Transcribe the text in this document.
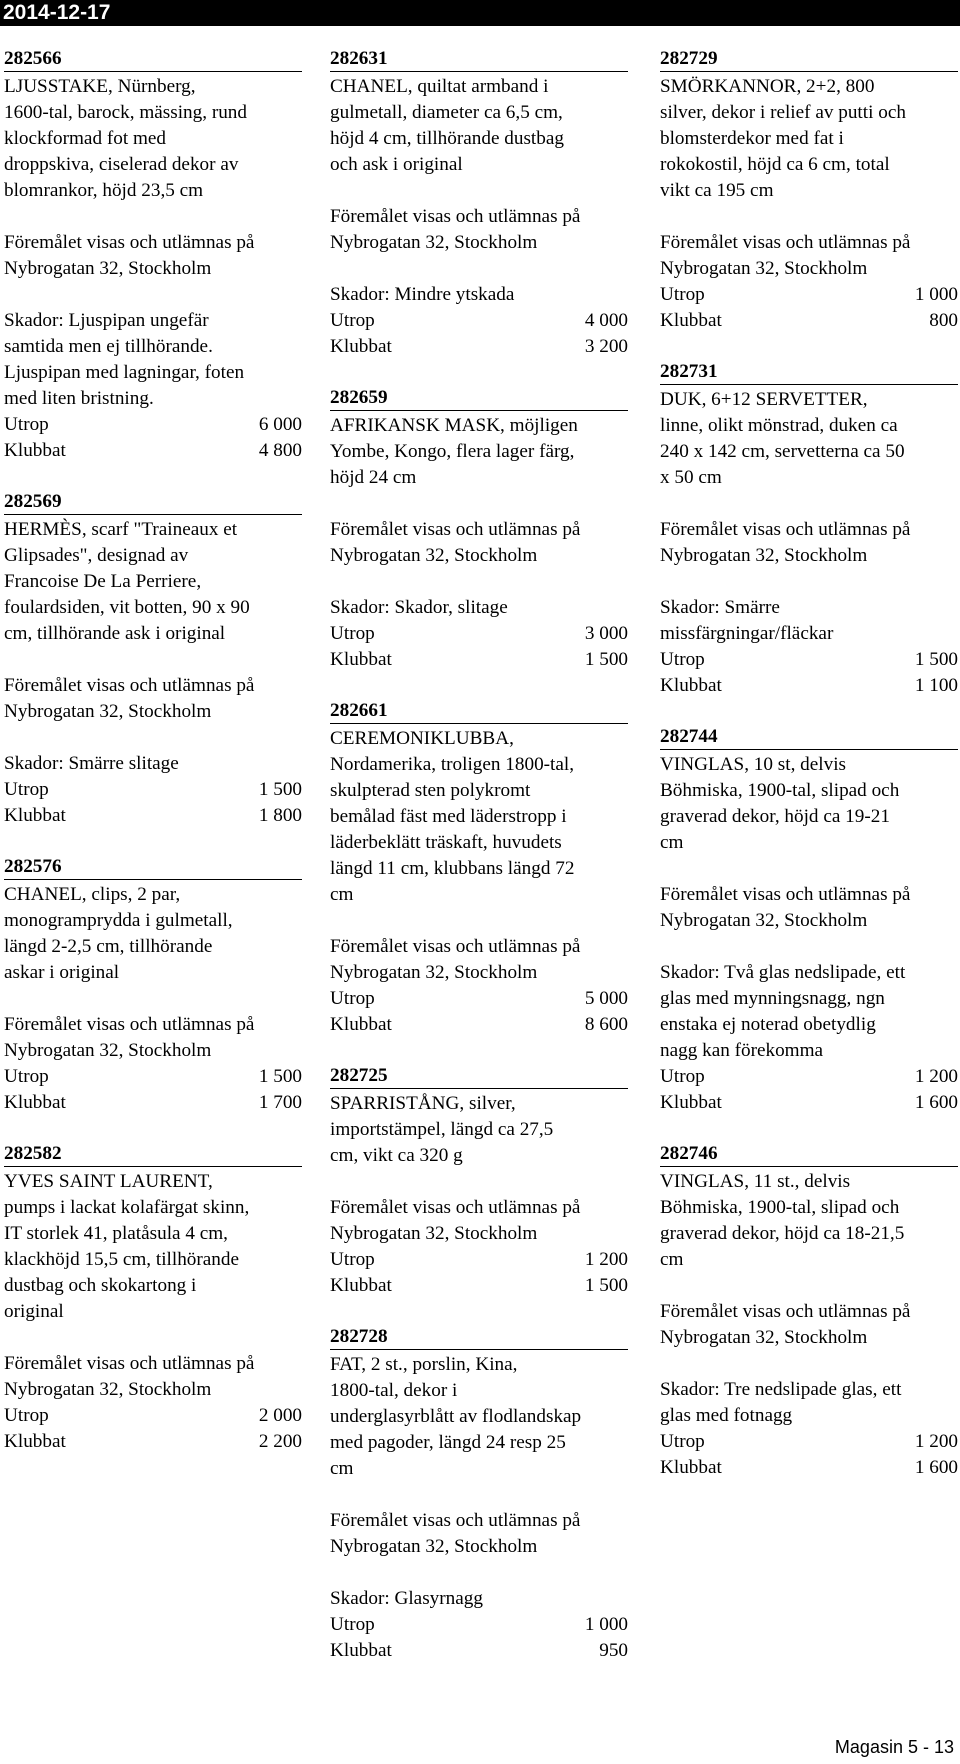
2014-12-17
282566
LJUSSTAKE, Nürnberg,
1600-tal, barock, mässing, rund
klockformad fot med
droppskiva, ciselerad dekor av
blomrankor, höjd 23,5 cm
Föremålet visas och utlämnas på
Nybrogatan 32, Stockholm
Skador: Ljuspipan ungefär
samtida men ej tillhörande.
Ljuspipan med lagningar, foten
med liten bristning.
Utrop	6 000
Klubbat	4 800
282569
HERMÈS, scarf "Traineaux et
Glipsades", designad av
Francoise De La Perriere,
foulardsiden, vit botten, 90 x 90
cm, tillhörande ask i original
Föremålet visas och utlämnas på
Nybrogatan 32, Stockholm
Skador: Smärre slitage
Utrop	1 500
Klubbat	1 800
282576
CHANEL, clips, 2 par,
monogramprydda i gulmetall,
längd 2-2,5 cm, tillhörande
askar i original
Föremålet visas och utlämnas på
Nybrogatan 32, Stockholm
Utrop	1 500
Klubbat	1 700
282582
YVES SAINT LAURENT,
pumps i lackat kolafärgat skinn,
IT storlek 41, platåsula 4 cm,
klackhöjd 15,5 cm, tillhörande
dustbag och skokartong i
original
Föremålet visas och utlämnas på
Nybrogatan 32, Stockholm
Utrop	2 000
Klubbat	2 200
282631
CHANEL, quiltat armband i
gulmetall, diameter ca 6,5 cm,
höjd 4 cm, tillhörande dustbag
och ask i original
Föremålet visas och utlämnas på
Nybrogatan 32, Stockholm
Skador: Mindre ytskada
Utrop	4 000
Klubbat	3 200
282659
AFRIKANSK MASK, möjligen
Yombe, Kongo, flera lager färg,
höjd 24 cm
Föremålet visas och utlämnas på
Nybrogatan 32, Stockholm
Skador: Skador, slitage
Utrop	3 000
Klubbat	1 500
282661
CEREMONIKLUBBA,
Nordamerika, troligen 1800-tal,
skulpterad sten polykromt
bemålad fäst med läderstropp i
läderbeklätt träskaft, huvudets
längd 11 cm, klubbans längd 72
cm
Föremålet visas och utlämnas på
Nybrogatan 32, Stockholm
Utrop	5 000
Klubbat	8 600
282725
SPARRISTÅNG, silver,
importstämpel, längd ca 27,5
cm, vikt ca 320 g
Föremålet visas och utlämnas på
Nybrogatan 32, Stockholm
Utrop	1 200
Klubbat	1 500
282728
FAT, 2 st., porslin, Kina,
1800-tal, dekor i
underglasyrblått av flodlandskap
med pagoder, längd 24 resp 25
cm
Föremålet visas och utlämnas på
Nybrogatan 32, Stockholm
Skador: Glasyrnagg
Utrop	1 000
Klubbat	950
282729
SMÖRKANNOR, 2+2, 800
silver, dekor i relief av putti och
blomsterdekor med fat i
rokokostil, höjd ca 6 cm, total
vikt ca 195 cm
Föremålet visas och utlämnas på
Nybrogatan 32, Stockholm
Utrop	1 000
Klubbat	800
282731
DUK, 6+12 SERVETTER,
linne, olikt mönstrad, duken ca
240 x 142 cm, servetterna ca 50
x 50 cm
Föremålet visas och utlämnas på
Nybrogatan 32, Stockholm
Skador: Smärre
missfärgningar/fläckar
Utrop	1 500
Klubbat	1 100
282744
VINGLAS, 10 st, delvis
Böhmiska, 1900-tal, slipad och
graverad dekor, höjd ca 19-21
cm
Föremålet visas och utlämnas på
Nybrogatan 32, Stockholm
Skador: Två glas nedslipade, ett
glas med mynningsnagg, ngn
enstaka ej noterad obetydlig
nagg kan förekomma
Utrop	1 200
Klubbat	1 600
282746
VINGLAS, 11 st., delvis
Böhmiska, 1900-tal, slipad och
graverad dekor, höjd ca 18-21,5
cm
Föremålet visas och utlämnas på
Nybrogatan 32, Stockholm
Skador: Tre nedslipade glas, ett
glas med fotnagg
Utrop	1 200
Klubbat	1 600
Magasin 5 - 13
